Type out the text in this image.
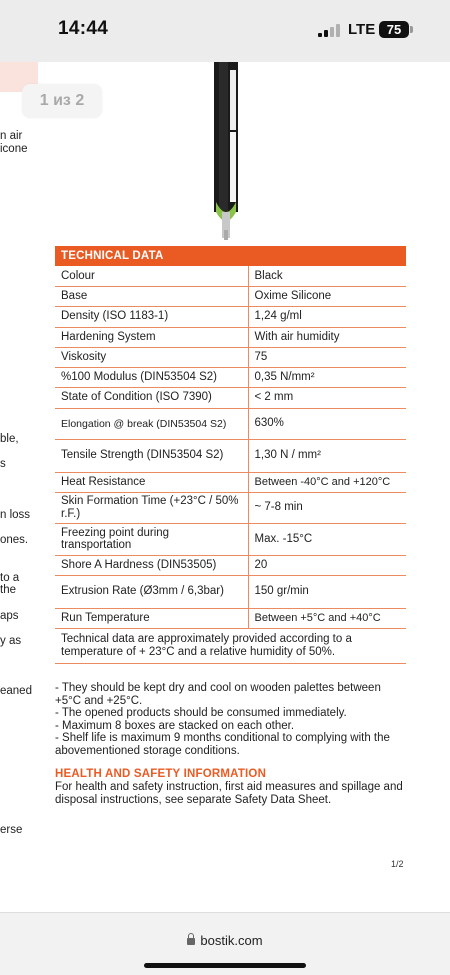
14:44	LTE 75
1 из 2
n air
icone
ble,
s
n loss
ones.
to a
the
aps
y as
eaned
erse
TECHNICAL DATA
Colour	Black
Base	Oxime Silicone
Density (ISO 1183-1)	1,24 g/ml
Hardening System	With air humidity
Viskosity	75
%100 Modulus (DIN53504 S2)	0,35 N/mm²
State of Condition (ISO 7390)	< 2 mm
Elongation @ break (DIN53504 S2)	630%
Tensile Strength (DIN53504 S2)	1,30 N / mm²
Heat Resistance	Between -40°C and +120°C
Skin Formation Time (+23°C / 50% r.F.)	~ 7-8 min
Freezing point during transportation	Max. -15°C
Shore A Hardness (DIN53505)	20
Extrusion Rate (Ø3mm / 6,3bar)	150 gr/min
Run Temperature	Between +5°C and +40°C
Technical data are approximately provided according to a temperature of + 23°C and a relative humidity of 50%.
- They should be kept dry and cool on wooden palettes between +5°C and +25°C.
- The opened products should be consumed immediately.
- Maximum 8 boxes are stacked on each other.
- Shelf life is maximum 9 months conditional to complying with the abovementioned storage conditions.
HEALTH AND SAFETY INFORMATION
For health and safety instruction, first aid measures and spillage and disposal instructions, see separate Safety Data Sheet.
1/2
bostik.com
